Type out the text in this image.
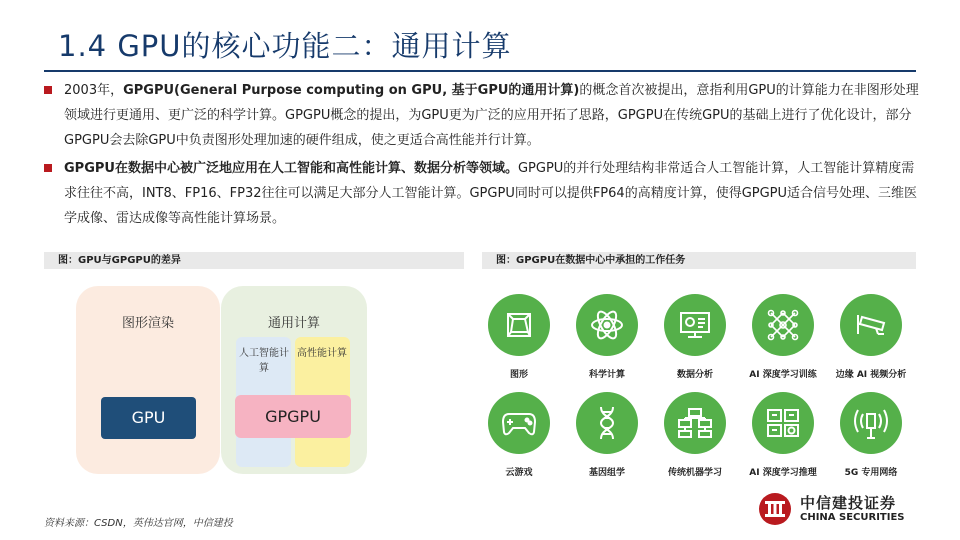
1.4 GPU的核心功能二：通用计算
2003年，GPGPU(General Purpose computing on GPU, 基于GPU的通用计算)的概念首次被提出，意指利用GPU的计算能力在非图形处理领域进行更通用、更广泛的科学计算。GPGPU概念的提出，为GPU更为广泛的应用开拓了思路，GPGPU在传统GPU的基础上进行了优化设计，部分GPGPU会去除GPU中负责图形处理加速的硬件组成，使之更适合高性能并行计算。
GPGPU在数据中心被广泛地应用在人工智能和高性能计算、数据分析等领域。GPGPU的并行处理结构非常适合人工智能计算，人工智能计算精度需求往往不高，INT8、FP16、FP32往往可以满足大部分人工智能计算。GPGPU同时可以提供FP64的高精度计算，使得GPGPU适合信号处理、三维医学成像、雷达成像等高性能计算场景。
图：GPU与GPGPU的差异	图：GPGPU在数据中心中承担的工作任务
图形渲染	通用计算
人工智能计算
高性能计算
GPU	GPGPU
图形	科学计算	数据分析	AI 深度学习训练	边缘 AI 视频分析
云游戏	基因组学	传统机器学习	AI 深度学习推理	5G 专用网络
资料来源：CSDN，英伟达官网，中信建投
中信建投证券
CHINA SECURITIES
